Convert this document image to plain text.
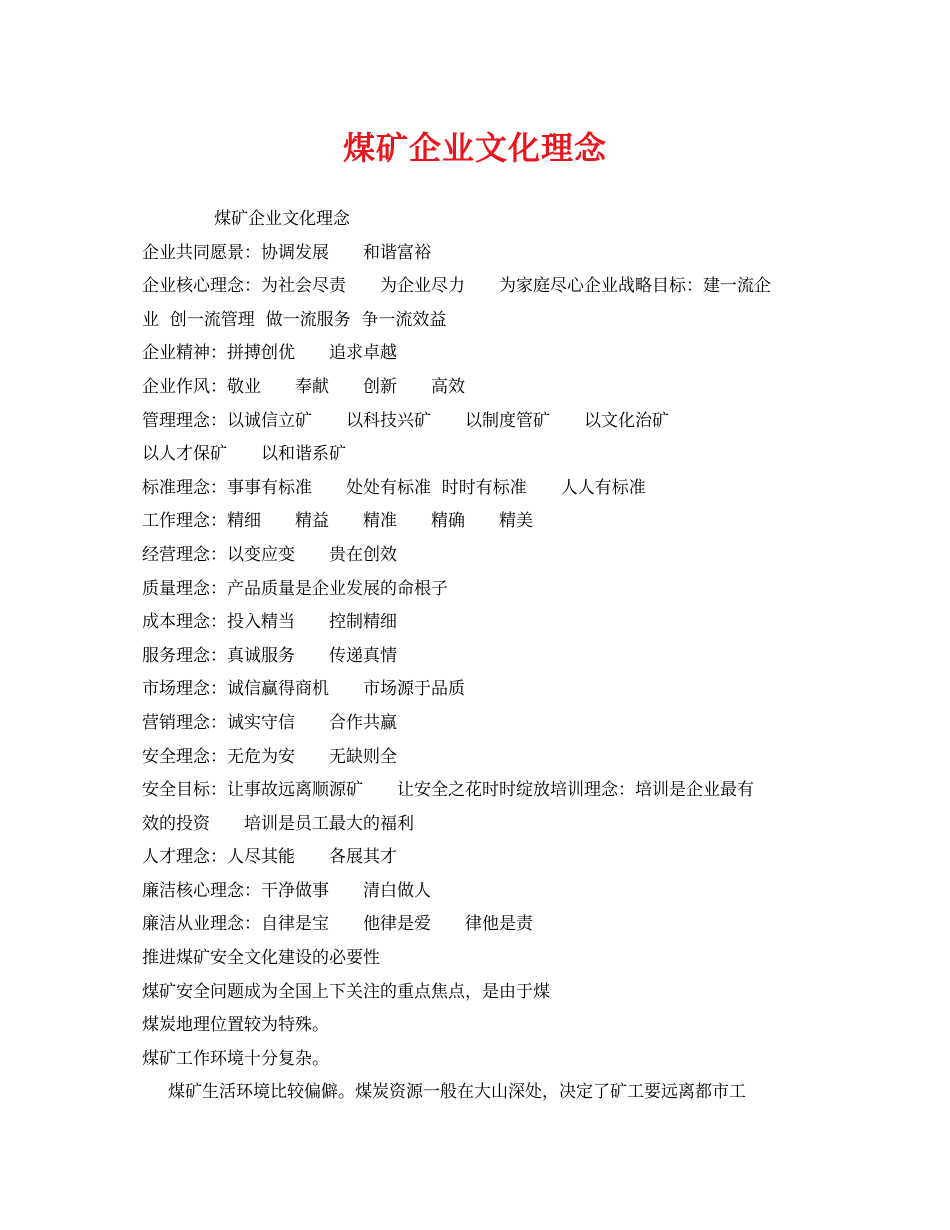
煤矿企业文化理念
煤矿企业文化理念
企业共同愿景：协调发展　　和谐富裕
企业核心理念：为社会尽责　　为企业尽力　　为家庭尽心企业战略目标：建一流企
业  创一流管理  做一流服务  争一流效益
企业精神：拼搏创优　　追求卓越
企业作风：敬业　　奉献　　创新　　高效
管理理念：以诚信立矿　　以科技兴矿　　以制度管矿　　以文化治矿
以人才保矿　　以和谐系矿
标准理念：事事有标准　　处处有标准  时时有标准　　人人有标准
工作理念：精细　　精益　　精准　　精确　　精美
经营理念：以变应变　　贵在创效
质量理念：产品质量是企业发展的命根子
成本理念：投入精当　　控制精细
服务理念：真诚服务　　传递真情
市场理念：诚信赢得商机　　市场源于品质
营销理念：诚实守信　　合作共赢
安全理念：无危为安　　无缺则全
安全目标：让事故远离顺源矿　　让安全之花时时绽放培训理念：培训是企业最有
效的投资　　培训是员工最大的福利
人才理念：人尽其能　　各展其才
廉洁核心理念：干净做事　　清白做人
廉洁从业理念：自律是宝　　他律是爱　　律他是责
推进煤矿安全文化建设的必要性
煤矿安全问题成为全国上下关注的重点焦点，是由于煤
煤炭地理位置较为特殊。
煤矿工作环境十分复杂。
煤矿生活环境比较偏僻。煤炭资源一般在大山深处，决定了矿工要远离都市工
